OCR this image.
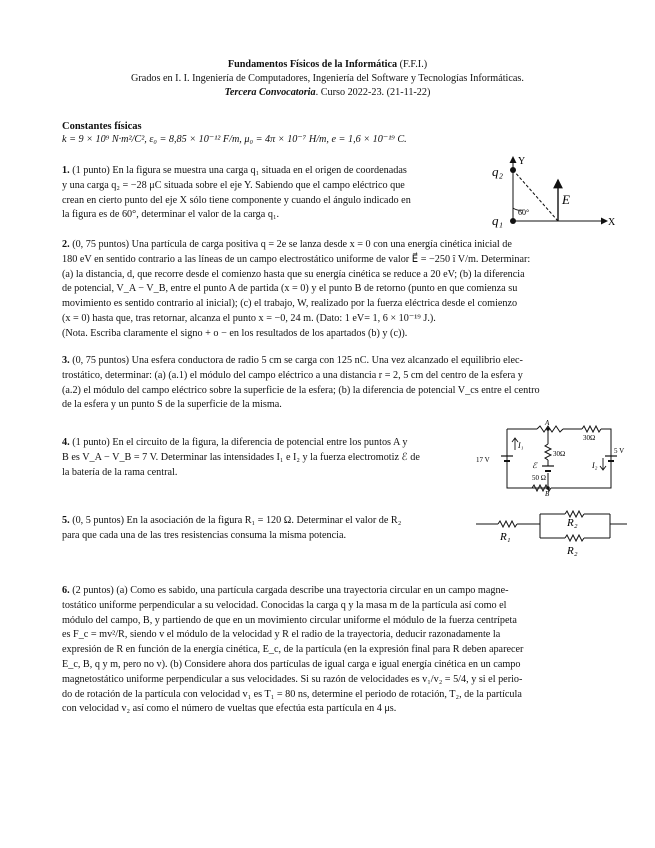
Fundamentos Físicos de la Informática (F.F.I.)
Grados en I. I. Ingeniería de Computadores, Ingeniería del Software y Tecnologías Informáticas.
Tercera Convocatoria. Curso 2022-23. (21-11-22)
Constantes físicas
k = 9 × 10⁹ N·m²/C², ε₀ = 8,85 × 10⁻¹² F/m, μ₀ = 4π × 10⁻⁷ H/m, e = 1,6 × 10⁻¹⁹ C.
1. (1 punto) En la figura se muestra una carga q₁ situada en el origen de coordenadas
y una carga q₂ = −28 μC situada sobre el eje Y. Sabiendo que el campo eléctrico que
crean en cierto punto del eje X sólo tiene componente y cuando el ángulo indicado en
la figura es de 60°, determinar el valor de la carga q₁.
q₂
q₁
60°
E⃗
Y
X
2. (0, 75 puntos) Una partícula de carga positiva q = 2e se lanza desde x = 0 con una energía cinética inicial de
180 eV en sentido contrario a las líneas de un campo electrostático uniforme de valor E⃗ = −250 î V/m. Determinar:
(a) la distancia, d, que recorre desde el comienzo hasta que su energía cinética se reduce a 20 eV; (b) la diferencia
de potencial, V_A − V_B, entre el punto A de partida (x = 0) y el punto B de retorno (punto en que comienza su
movimiento es sentido contrario al inicial); (c) el trabajo, W, realizado por la fuerza eléctrica desde el comienzo
(x = 0) hasta que, tras retornar, alcanza el punto x = −0, 24 m. (Dato: 1 eV= 1, 6 × 10⁻¹⁹ J.).
(Nota. Escriba claramente el signo + o − en los resultados de los apartados (b) y (c)).
3. (0, 75 puntos) Una esfera conductora de radio 5 cm se carga con 125 nC. Una vez alcanzado el equilibrio elec-
trostático, determinar: (a) (a.1) el módulo del campo eléctrico a una distancia r = 2, 5 cm del centro de la esfera y
(a.2) el módulo del campo eléctrico sobre la superficie de la esfera; (b) la diferencia de potencial V_cs entre el centro
de la esfera y un punto S de la superficie de la misma.
4. (1 punto) En el circuito de la figura, la diferencia de potencial entre los puntos A y
B es V_A − V_B = 7 V. Determinar las intensidades I₁ e I₂ y la fuerza electromotiz ℰ de
la batería de la rama central.
A
B
I₁
I₂
ℰ
17 V
5 V
30Ω
30Ω
50 Ω
5. (0, 5 puntos) En la asociación de la figura R₁ = 120 Ω. Determinar el valor de R₂
para que cada una de las tres resistencias consuma la misma potencia.	R₁
R₂
R₂
6. (2 puntos) (a) Como es sabido, una partícula cargada describe una trayectoria circular en un campo magne-
tostático uniforme perpendicular a su velocidad. Conocidas la carga q y la masa m de la partícula así como el
módulo del campo, B, y partiendo de que en un movimiento circular uniforme el módulo de la fuerza centrípeta
es F_c = mv²/R, siendo v el módulo de la velocidad y R el radio de la trayectoria, deducir razonadamente la
expresión de R en función de la energía cinética, E_c, de la partícula (en la expresión final para R deben aparecer
E_c, B, q y m, pero no v). (b) Considere ahora dos partículas de igual carga e igual energía cinética en un campo
magnetostático uniforme perpendicular a sus velocidades. Si su razón de velocidades es v₁/v₂ = 5/4, y si el perio-
do de rotación de la partícula con velocidad v₁ es T₁ = 80 ns, determine el periodo de rotación, T₂, de la partícula
con velocidad v₂ así como el número de vueltas que efectúa esta partícula en 4 μs.
